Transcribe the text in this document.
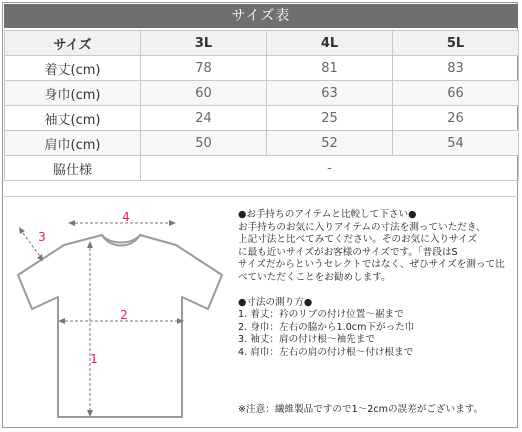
サイズ表
サイズ	3L	4L	5L
着丈(cm)	78	81	83
身巾(cm)	60	63	66
袖丈(cm)	24	25	26
肩巾(cm)	50	52	54
脇仕様	-		
1
2
3
4	●お手持ちのアイテムと比較して下さい●

お手持ちのお気に入りアイテムの寸法を測っていただき、

上記寸法と比べてみてください。そのお気に入りサイズ

に最も近いサイズがお客様のサイズです。「普段はS

サイズだからというセレクトではなく、ぜひサイズを測って比

べていただくことをお勧めします。

●寸法の測り方●

1. 着丈：衿のリブの付け位置～裾まで

2. 身巾：左右の脇から1.0cm下がった巾

3. 袖丈：肩の付け根～袖先まで

4. 肩巾：左右の肩の付け根～付け根まで

※注意：繊維製品ですので1～2cmの誤差がございます。
